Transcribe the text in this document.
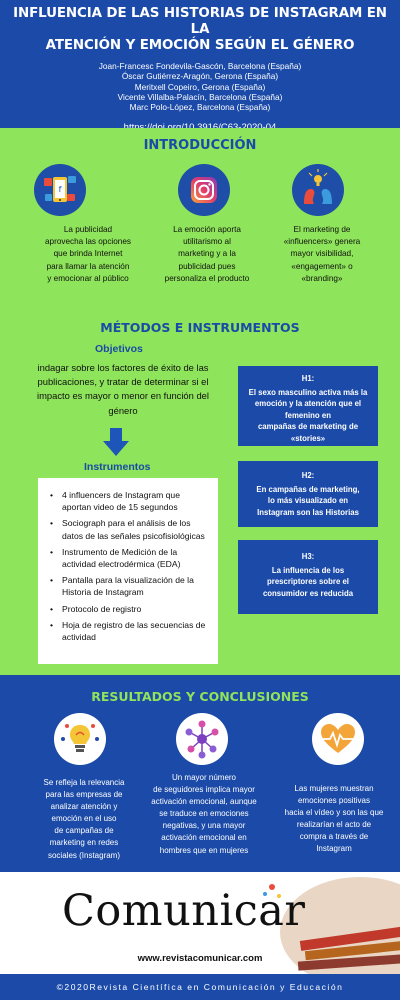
INFLUENCIA DE LAS HISTORIAS DE INSTAGRAM EN LA
ATENCIÓN Y EMOCIÓN SEGÚN EL GÉNERO
Joan-Francesc Fondevila-Gascón, Barcelona (España)
Óscar Gutiérrez-Aragón, Gerona (España)
Meritxell Copeiro, Gerona (España)
Vicente Villalba-Palacín, Barcelona (España)
Marc Polo-López, Barcelona (España)
INTRODUCCIÓN
f
La publicidad
aprovecha las opciones
que brinda Internet
para llamar la atención
y emocionar al público
La emoción aporta
utilitarismo al
marketing y a la
publicidad pues
personaliza el producto
El marketing de
«influencers» genera
mayor visibilidad,
«engagement» o
«branding»
MÉTODOS E INSTRUMENTOS
Objetivos
indagar sobre los factores de éxito de las
publicaciones, y tratar de determinar si el
impacto es mayor o menor en función del
género
Instrumentos
• 4 influencers de Instagram que
aportan video de 15 segundos
• Sociograph para el análisis de los
datos de las señales psicofisiológicas
• Instrumento de Medición de la
actividad electrodérmica (EDA)
• Pantalla para la visualización de la
Historia de Instagram
• Protocolo de registro
• Hoja de registro de las secuencias de
actividad
H1:
El sexo masculino activa más la
emoción y la atención que el
femenino en
campañas de marketing de
«stories»
H2:
En campañas de marketing,
lo más visualizado en
Instagram son las Historias
H3:
La influencia de los
prescriptores sobre el
consumidor es reducida
RESULTADOS Y CONCLUSIONES
Se refleja la relevancia
para las empresas de
analizar atención y
emoción en el uso
de campañas de
marketing en redes
sociales (Instagram)
Un mayor número
de seguidores implica mayor
activación emocional, aunque
se traduce en emociones
negativas, y una mayor
activación emocional en
hombres que en mujeres
Las mujeres muestran
emociones positivas
hacia el vídeo y son las que
realizarían el acto de
compra a través de
Instagram
Comunicar
www.revistacomunicar.com
©2020Revista Científica en Comunicación y Educación
